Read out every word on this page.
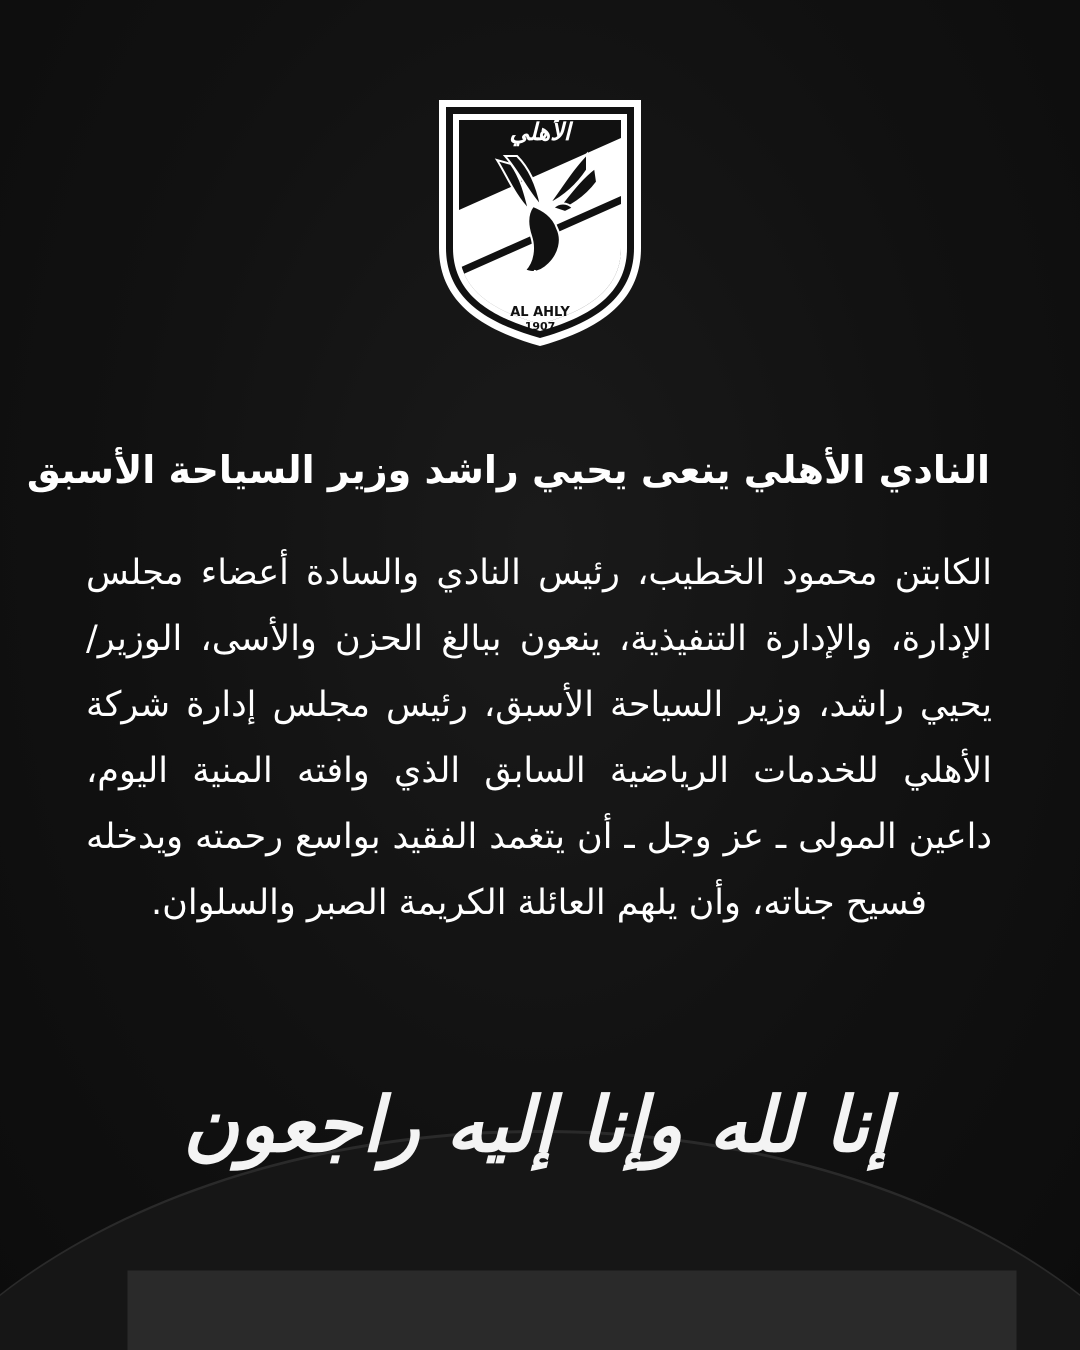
الأهلي
AL AHLY
1907
النادي الأهلي ينعى يحيي راشد وزير السياحة الأسبق
الكابتن محمود الخطيب، رئيس النادي والسادة أعضاء مجلس الإدارة، والإدارة التنفيذية، ينعون ببالغ الحزن والأسى، الوزير/ يحيي راشد، وزير السياحة الأسبق، رئيس مجلس إدارة شركة الأهلي للخدمات الرياضية السابق الذي وافته المنية اليوم، داعين المولى ـ عز وجل ـ أن يتغمد الفقيد بواسع رحمته ويدخله فسيح جناته، وأن يلهم العائلة الكريمة الصبر والسلوان.
إنا لله وإنا إليه راجعون
